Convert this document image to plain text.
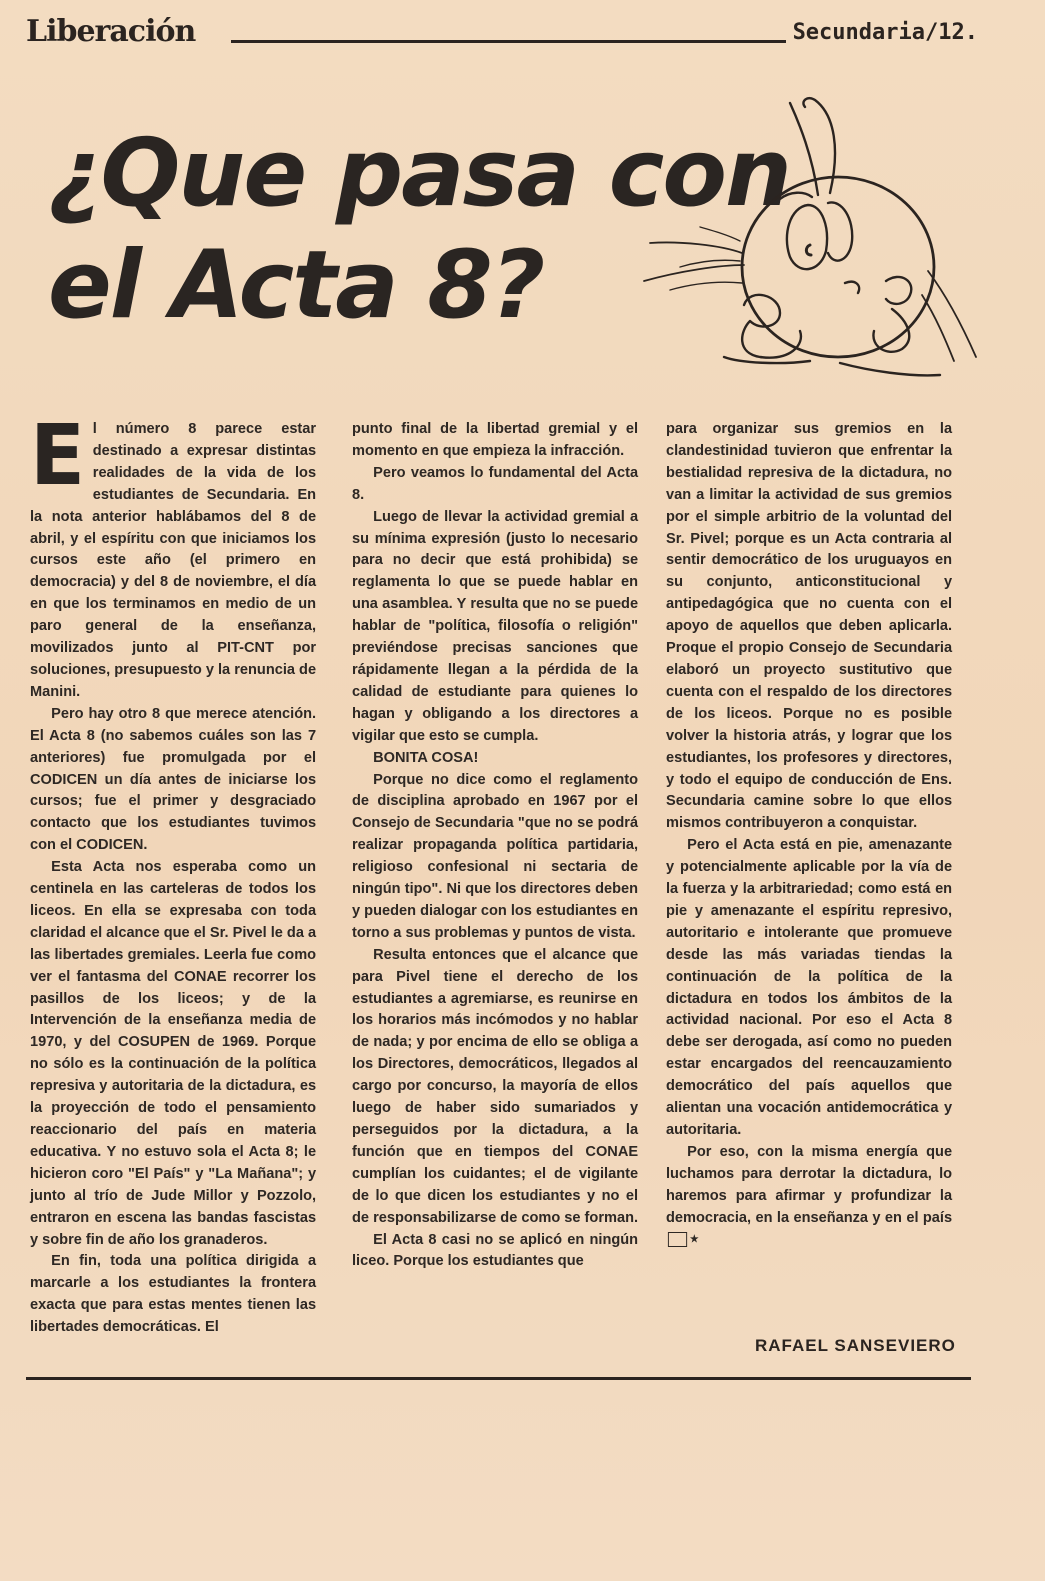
Liberación	Secundaria/12.
¿Que pasa con
el Acta 8?

El número 8 parece estar destinado a expresar distintas realidades de la vida de los estudiantes de Secundaria. En la nota anterior hablábamos del 8 de abril, y el espíritu con que iniciamos los cursos este año (el primero en democracia) y del 8 de noviembre, el día en que los terminamos en medio de un paro general de la enseñanza, movilizados junto al PIT-CNT por soluciones, presupuesto y la renuncia de Manini.

Pero hay otro 8 que merece atención. El Acta 8 (no sabemos cuáles son las 7 anteriores) fue promulgada por el CODICEN un día antes de iniciarse los cursos; fue el primer y desgraciado contacto que los estudiantes tuvimos con el CODICEN.

Esta Acta nos esperaba como un centinela en las carteleras de todos los liceos. En ella se expresaba con toda claridad el alcance que el Sr. Pivel le da a las libertades gremiales. Leerla fue como ver el fantasma del CONAE recorrer los pasillos de los liceos; y de la Intervención de la enseñanza media de 1970, y del COSUPEN de 1969. Porque no sólo es la continuación de la política represiva y autoritaria de la dictadura, es la proyección de todo el pensamiento reaccionario del país en materia educativa. Y no estuvo sola el Acta 8; le hicieron coro "El País" y "La Mañana"; y junto al trío de Jude Millor y Pozzolo, entraron en escena las bandas fascistas y sobre fin de año los granaderos.

En fin, toda una política dirigida a marcarle a los estudiantes la frontera exacta que para estas mentes tienen las libertades democráticas. El

punto final de la libertad gremial y el momento en que empieza la infracción.

Pero veamos lo fundamental del Acta 8.

Luego de llevar la actividad gremial a su mínima expresión (justo lo necesario para no decir que está prohibida) se reglamenta lo que se puede hablar en una asamblea. Y resulta que no se puede hablar de "política, filosofía o religión" previéndose precisas sanciones que rápidamente llegan a la pérdida de la calidad de estudiante para quienes lo hagan y obligando a los directores a vigilar que esto se cumpla.

BONITA COSA!

Porque no dice como el reglamento de disciplina aprobado en 1967 por el Consejo de Secundaria "que no se podrá realizar propaganda política partidaria, religioso confesional ni sectaria de ningún tipo". Ni que los directores deben y pueden dialogar con los estudiantes en torno a sus problemas y puntos de vista.

Resulta entonces que el alcance que para Pivel tiene el derecho de los estudiantes a agremiarse, es reunirse en los horarios más incómodos y no hablar de nada; y por encima de ello se obliga a los Directores, democráticos, llegados al cargo por concurso, la mayoría de ellos luego de haber sido sumariados y perseguidos por la dictadura, a la función que en tiempos del CONAE cumplían los cuidantes; el de vigilante de lo que dicen los estudiantes y no el de responsabilizarse de como se forman.

El Acta 8 casi no se aplicó en ningún liceo. Porque los estudiantes que

para organizar sus gremios en la clandestinidad tuvieron que enfrentar la bestialidad represiva de la dictadura, no van a limitar la actividad de sus gremios por el simple arbitrio de la voluntad del Sr. Pivel; porque es un Acta contraria al sentir democrático de los uruguayos en su conjunto, anticonstitucional y antipedagógica que no cuenta con el apoyo de aquellos que deben aplicarla. Proque el propio Consejo de Secundaria elaboró un proyecto sustitutivo que cuenta con el respaldo de los directores de los liceos. Porque no es posible volver la historia atrás, y lograr que los estudiantes, los profesores y directores, y todo el equipo de conducción de Ens. Secundaria camine sobre lo que ellos mismos contribuyeron a conquistar.

Pero el Acta está en pie, amenazante y potencialmente aplicable por la vía de la fuerza y la arbitrariedad; como está en pie y amenazante el espíritu represivo, autoritario e intolerante que promueve desde las más variadas tiendas la continuación de la política de la dictadura en todos los ámbitos de la actividad nacional. Por eso el Acta 8 debe ser derogada, así como no pueden estar encargados del reencauzamiento democrático del país aquellos que alientan una vocación antidemocrática y autoritaria.

Por eso, con la misma energía que luchamos para derrotar la dictadura, lo haremos para afirmar y profundizar la democracia, en la enseñanza y en el país★

RAFAEL SANSEVIERO
